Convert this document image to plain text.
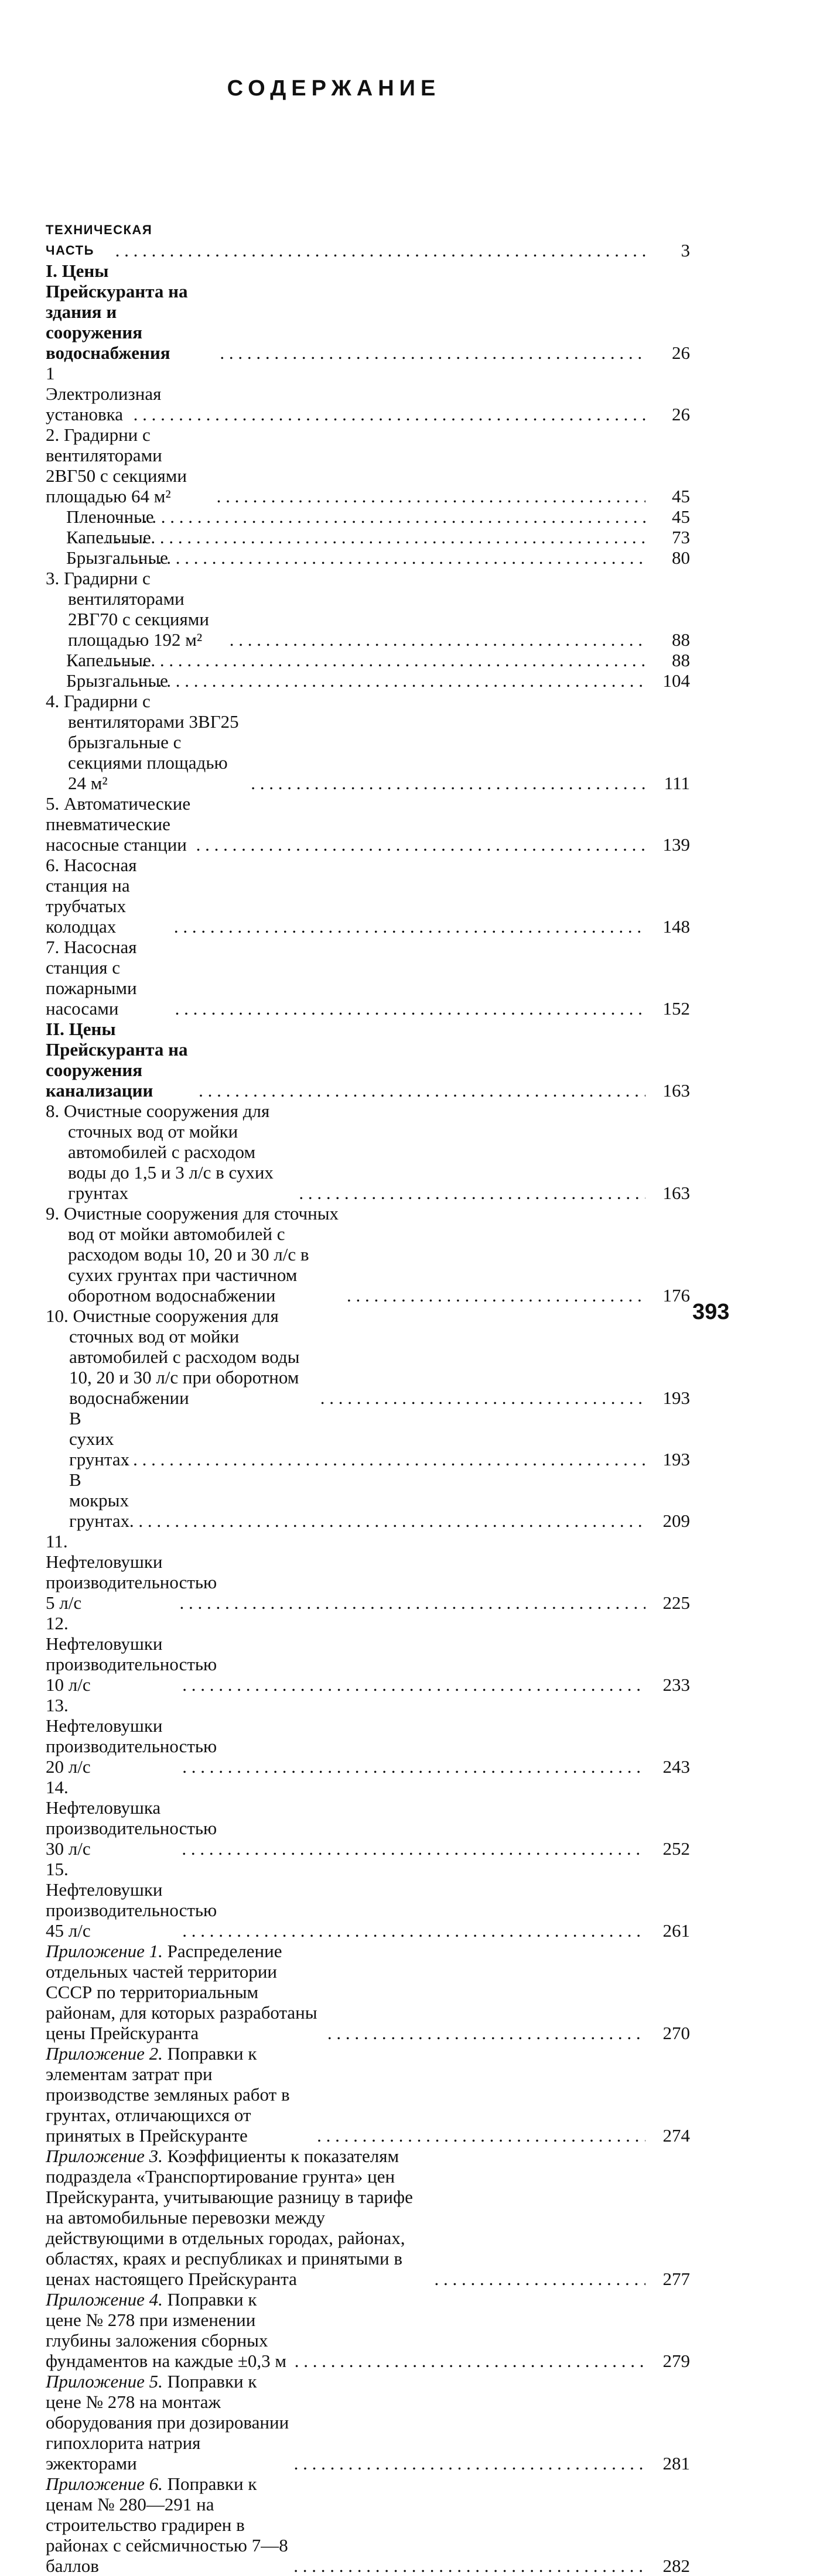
СОДЕРЖАНИЕ
ТЕХНИЧЕСКАЯ ЧАСТЬ . . .	3
I. Цены Прейскуранта на здания и сооружения водоснабжения . . .	26
1 Электролизная установка . . .	26
2. Градирни с вентиляторами 2ВГ50 с секциями площадью 64 м² . . .	45
Пленочные . . .	45
Капельные . . .	73
Брызгальные . . .	80
3. Градирни с вентиляторами 2ВГ70 с секциями площадью 192 м² . . .	88
Капельные . . .	88
Брызгальные . . .	104
4. Градирни с вентиляторами 3ВГ25 брызгальные с секциями площадью 24 м² . . .	111
5. Автоматические пневматические насосные станции . . .	139
6. Насосная станция на трубчатых колодцах . . .	148
7. Насосная станция с пожарными насосами . . .	152
II. Цены Прейскуранта на сооружения канализации . . .	163
8. Очистные сооружения для сточных вод от мойки автомобилей с расходом воды до 1,5 и 3 л/с в сухих грунтах . . .	163
9. Очистные сооружения для сточных вод от мойки автомобилей с расходом воды 10, 20 и 30 л/с в сухих грунтах при частичном оборотном водоснабжении . . .	176
10. Очистные сооружения для сточных вод от мойки автомобилей с расходом воды 10, 20 и 30 л/с при оборотном водоснабжении . . .	193
В сухих грунтах . . .	193
В мокрых грунтах . . .	209
11. Нефтеловушки производительностью 5 л/с . . .	225
12. Нефтеловушки производительностью 10 л/с . . .	233
13. Нефтеловушки производительностью 20 л/с . . .	243
14. Нефтеловушка производительностью 30 л/с . . .	252
15. Нефтеловушки производительностью 45 л/с . . .	261
Приложение 1. Распределение отдельных частей территории СССР по территориальным районам, для которых разработаны цены Прейскуранта . . .	270
Приложение 2. Поправки к элементам затрат при производстве земляных работ в грунтах, отличающихся от принятых в Прейскуранте . . .	274
Приложение 3. Коэффициенты к показателям подраздела «Транспортирование грунта» цен Прейскуранта, учитывающие разницу в тарифе на автомобильные перевозки между действующими в отдельных городах, районах, областях, краях и республиках и принятыми в ценах настоящего Прейскуранта . . .	277
Приложение 4. Поправки к цене № 278 при изменении глубины заложения сборных фундаментов на каждые ±0,3 м . . .	279
Приложение 5. Поправки к цене № 278 на монтаж оборудования при дозировании гипохлорита натрия эжекторами . . .	281
Приложение 6. Поправки к ценам № 280—291 на строительство градирен в районах с сейсмичностью 7—8 баллов . . .	282
393
